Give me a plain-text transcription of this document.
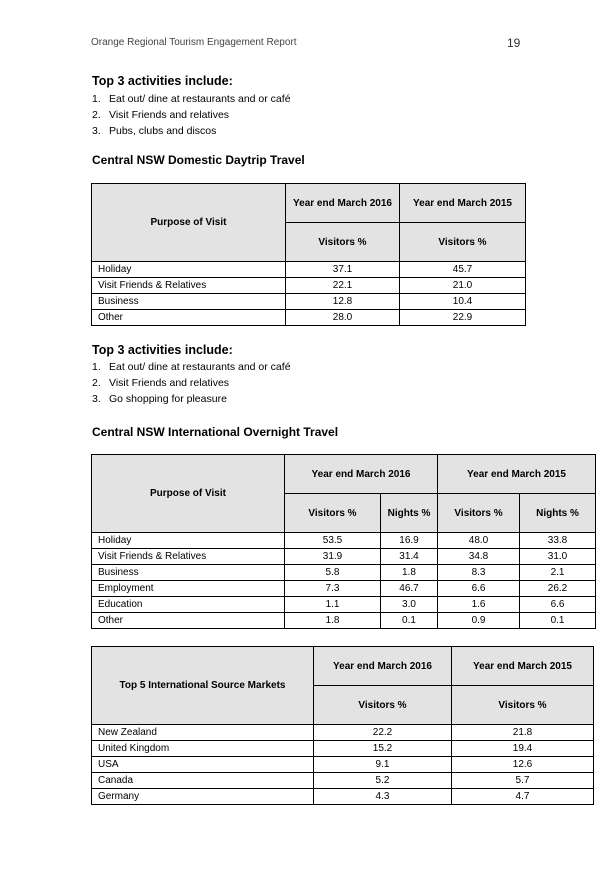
Orange Regional Tourism Engagement Report	19
Top 3 activities include:
1. Eat out/ dine at restaurants and or café
2. Visit Friends and relatives
3. Pubs, clubs and discos
Central NSW Domestic Daytrip Travel
Purpose of Visit	Year end March 2016	Year end March 2015
	Visitors %	Visitors %
Holiday	37.1	45.7
Visit Friends & Relatives	22.1	21.0
Business	12.8	10.4
Other	28.0	22.9
Top 3 activities include:
1. Eat out/ dine at restaurants and or café
2. Visit Friends and relatives
3. Go shopping for pleasure
Central NSW International Overnight Travel
Purpose of Visit	Year end March 2016		Year end March 2015	
	Visitors %	Nights %	Visitors %	Nights %
Holiday	53.5	16.9	48.0	33.8
Visit Friends & Relatives	31.9	31.4	34.8	31.0
Business	5.8	1.8	8.3	2.1
Employment	7.3	46.7	6.6	26.2
Education	1.1	3.0	1.6	6.6
Other	1.8	0.1	0.9	0.1
Top 5 International Source Markets	Year end March 2016	Year end March 2015
	Visitors %	Visitors %
New Zealand	22.2	21.8
United Kingdom	15.2	19.4
USA	9.1	12.6
Canada	5.2	5.7
Germany	4.3	4.7
